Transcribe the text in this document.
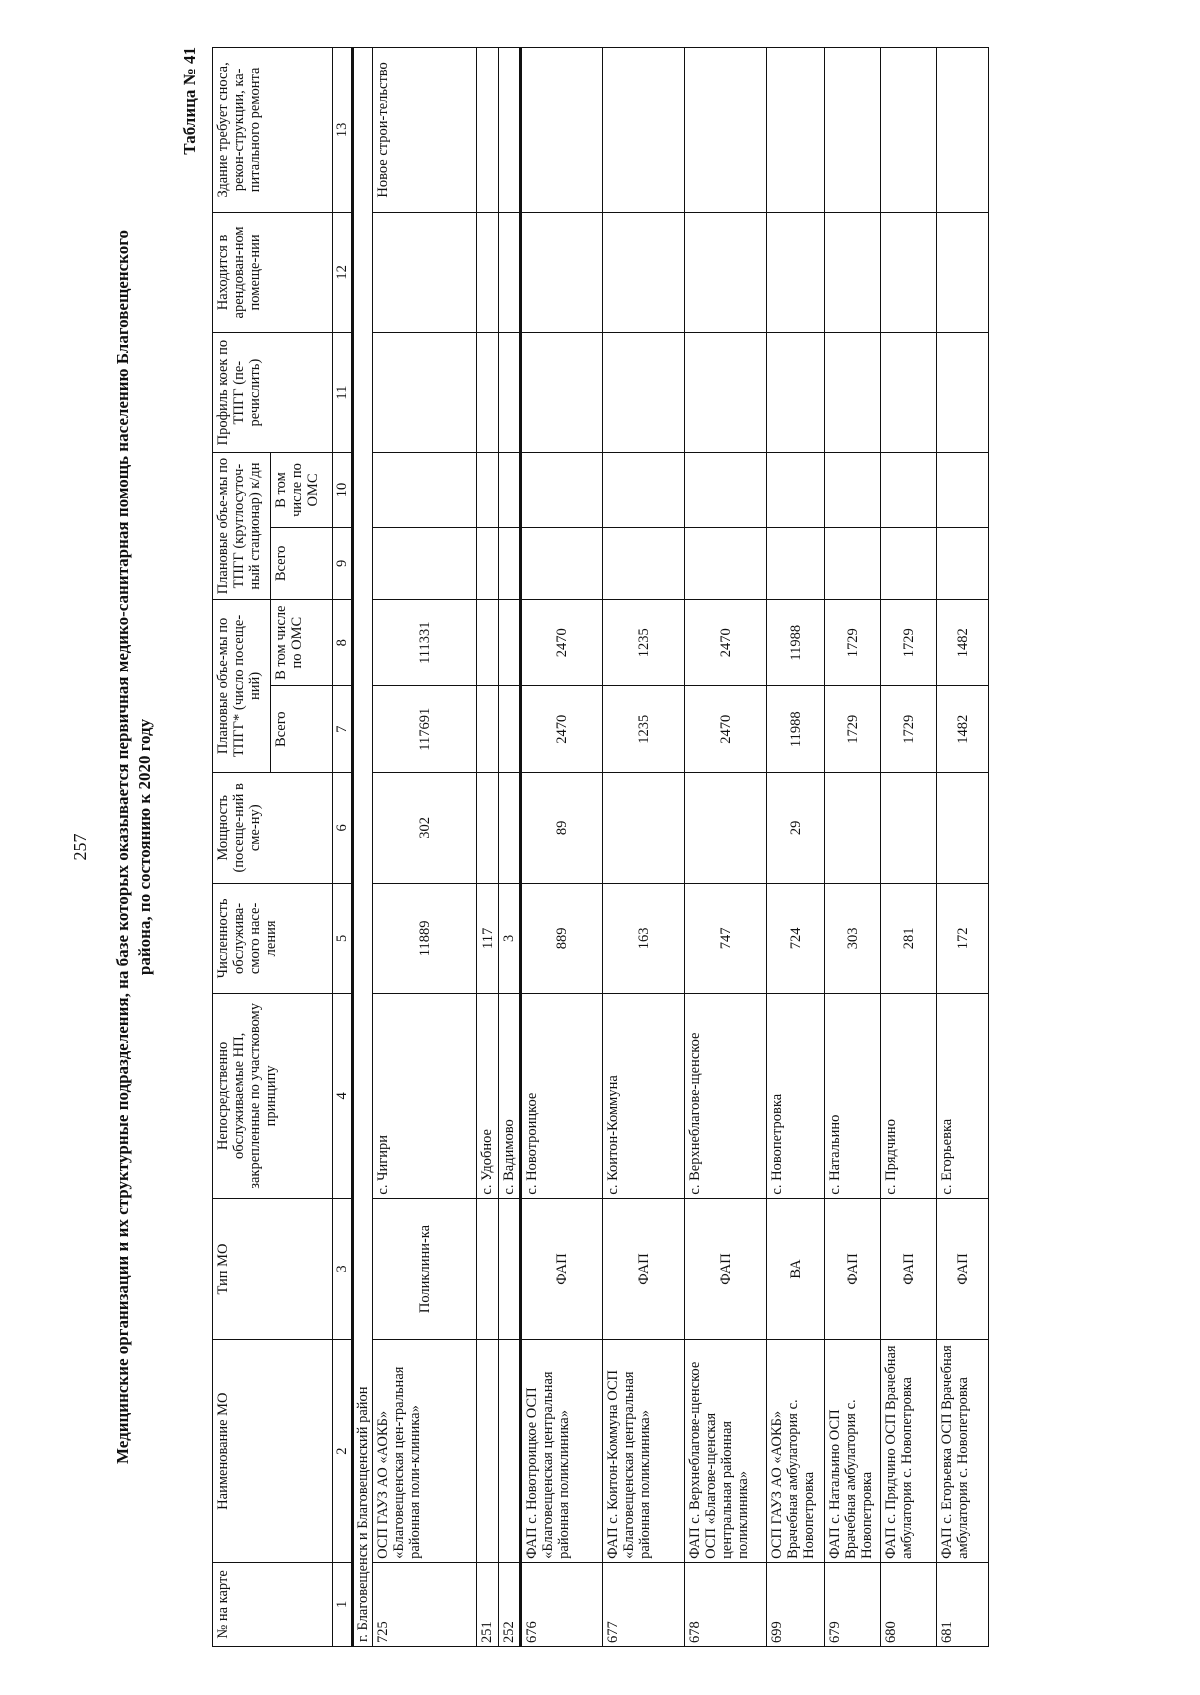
257 Медицинские организации и их структурные подразделения, на базе которых оказывается первичная медико-санитарная помощь населению Благовещенского района, по состоянию к 2020 году
Таблица № 41
№ на карте	Наименование МО	Тип МО	Непосредственно обслуживаемые НП, закрепленные по участковому принципу	Численность обслужива-смого насе-ления	Мощность (посеще-ний в сме-ну)	Плановые объе-мы по ТПГГ* (число посеще-ний)		Плановые объе-мы по ТПГГ (круглосуточ-ный стационар) к/дн		Профиль коек по ТПГГ (пе-речислить)	Находится в арендован-ном помеще-нии	Здание требует сноса, рекон-струкции, ка-питального ремонта
						Всего	В том числе по ОМС	Всего	В том числе по ОМС			
1	2	3	4	5	6	7	8	9	10	11	12	13
г. Благовещенск и Благовещенский район												
725	ОСП ГАУЗ АО «АОКБ» «Благовещенская цен-тральная районная поли-клиника»	Поликлини-ка	с. Чигири	11889	302	117691	111331					Новое строи-тельство
251			с. Удобное	117								
252			с. Вадимово	3								
676	ФАП с. Новотроицкое ОСП «Благовещенская центральная районная поликлиника»	ФАП	с. Новотроицкое	889	89	2470	2470					
677	ФАП с. Коитон-Коммуна ОСП «Благовещенская центральная районная поликлиника»	ФАП	с. Коитон-Коммуна	163		1235	1235					
678	ФАП с. Верхнеблагове-щенское ОСП «Благове-щенская центральная районная поликлиника»	ФАП	с. Верхнеблагове-щенское	747		2470	2470					
699	ОСП ГАУЗ АО «АОКБ» Врачебная амбулатория с. Новопетровка	ВА	с. Новопетровка	724	29	11988	11988					
679	ФАП с. Натальино ОСП Врачебная амбулатория с. Новопетровка	ФАП	с. Натальино	303		1729	1729					
680	ФАП с. Прядчино ОСП Врачебная амбулатория с. Новопетровка	ФАП	с. Прядчино	281		1729	1729					
681	ФАП с. Егорьевка ОСП Врачебная амбулатория с. Новопетровка	ФАП	с. Егорьевка	172		1482	1482					
